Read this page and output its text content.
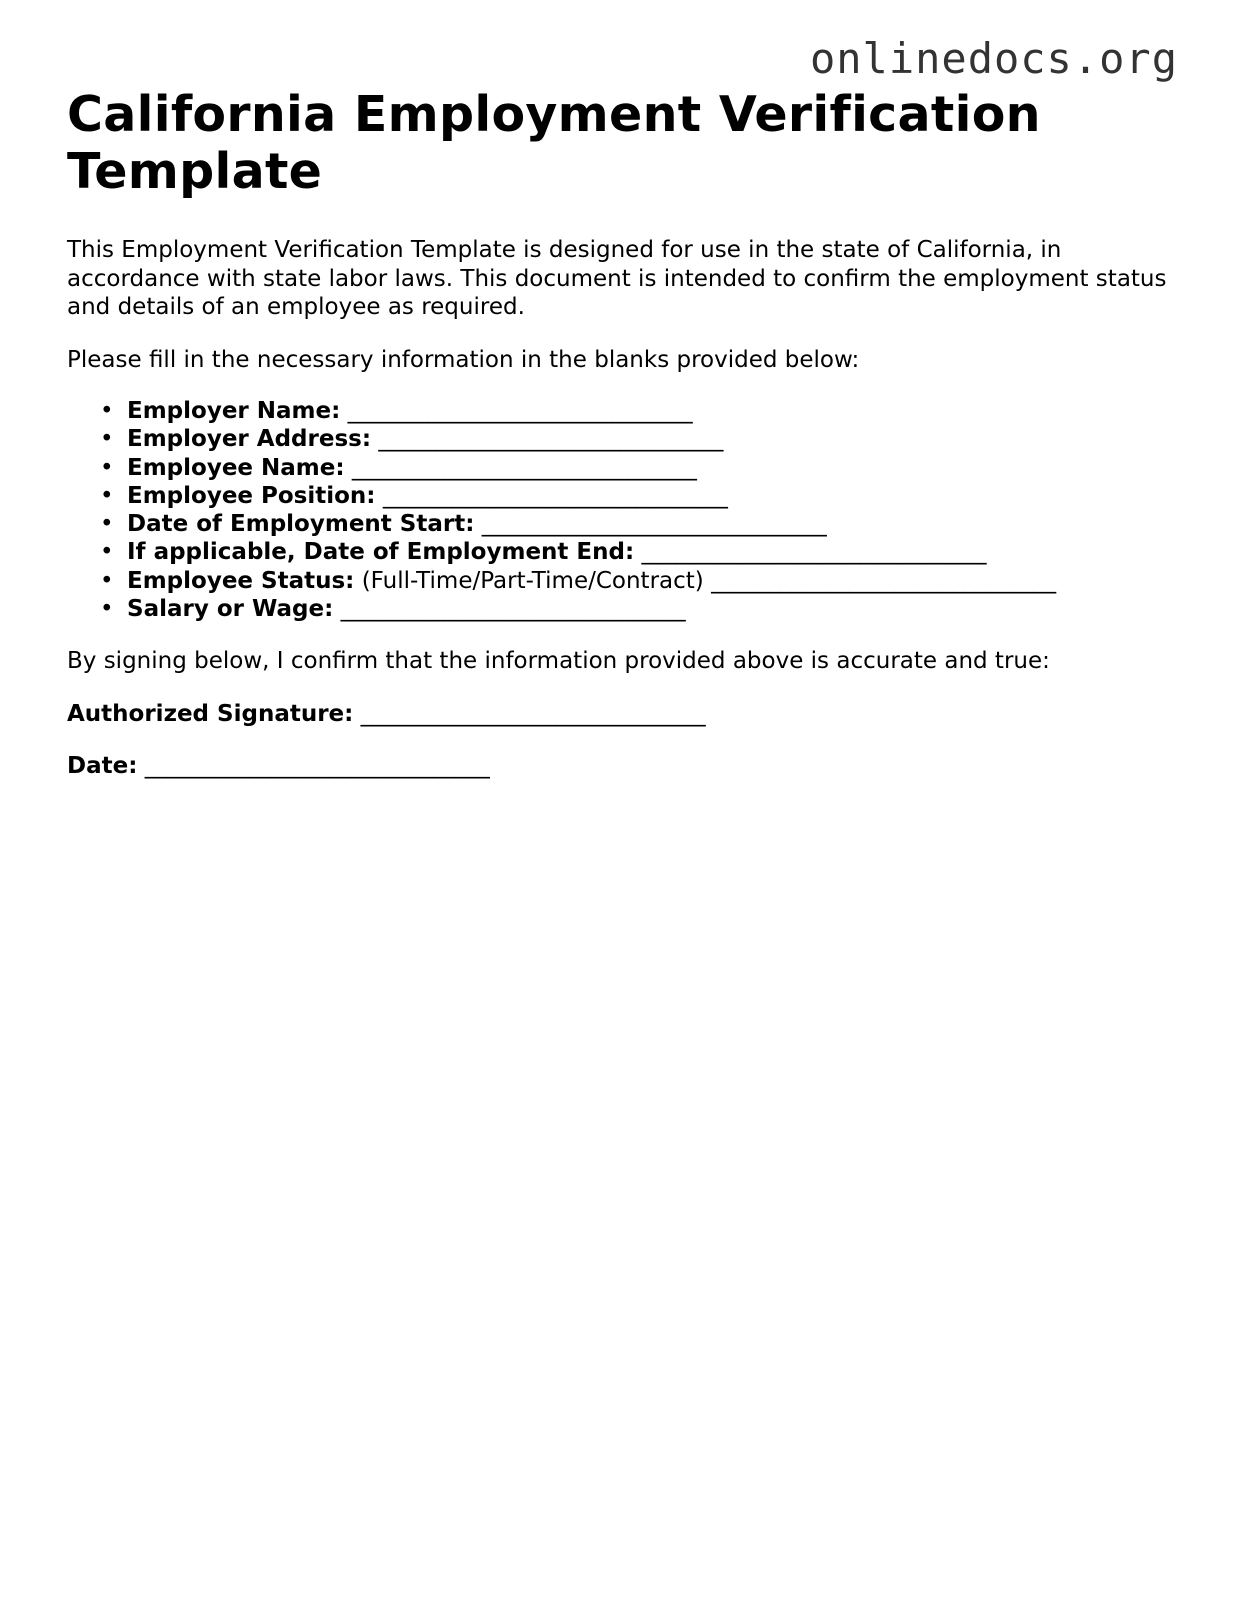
onlinedocs.org
California Employment Verification Template

This Employment Verification Template is designed for use in the state of California, in accordance with state labor laws. This document is intended to confirm the employment status and details of an employee as required.

Please fill in the necessary information in the blanks provided below:

• Employer Name: ______________________________
• Employer Address: ______________________________
• Employee Name: ______________________________
• Employee Position: ______________________________
• Date of Employment Start: ______________________________
• If applicable, Date of Employment End: ______________________________
• Employee Status: (Full-Time/Part-Time/Contract) ______________________________
• Salary or Wage: ______________________________

By signing below, I confirm that the information provided above is accurate and true:

Authorized Signature: ______________________________

Date: ______________________________
